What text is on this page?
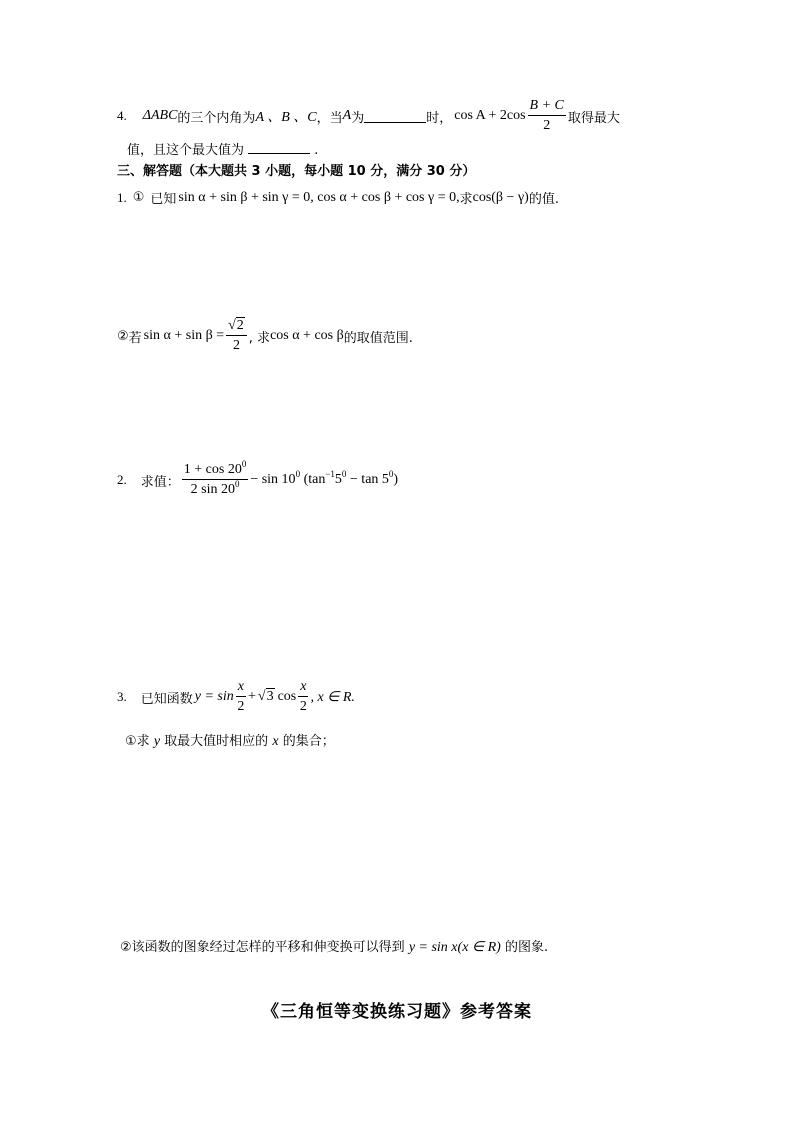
4. ΔABC 的三个内角为 A 、B 、C ，当 A 为	时， $\cos A + 2\cos \frac{B + C}{2}$ 取得最大
值，且这个最大值为	.
三、解答题（本大题共 3 小题，每小题 10 分，满分 30 分）
1. ① 已知 sin α + sin β + sin γ = 0, cos α + cos β + cos γ = 0, 求 cos(β − γ) 的值.
② 若 $\sin \alpha + \sin \beta = \frac{√2}{2}$ , 求 cos α + cos β 的取值范围.
2. 求值： $\frac{1 + \cos 20^0}{2 \sin 20^0} - \sin 10^0$ $(\tan^{-1}5^0 - \tan 5^0)$
3. 已知函数 $y = \sin \frac{x}{2} + √3$ $\cos \frac{x}{2}$ , x ∈ R.
①求 y 取最大值时相应的 x 的集合；
②该函数的图象经过怎样的平移和伸变换可以得到 y = sin x(x ∈ R) 的图象.
《三角恒等变换练习题》参考答案
